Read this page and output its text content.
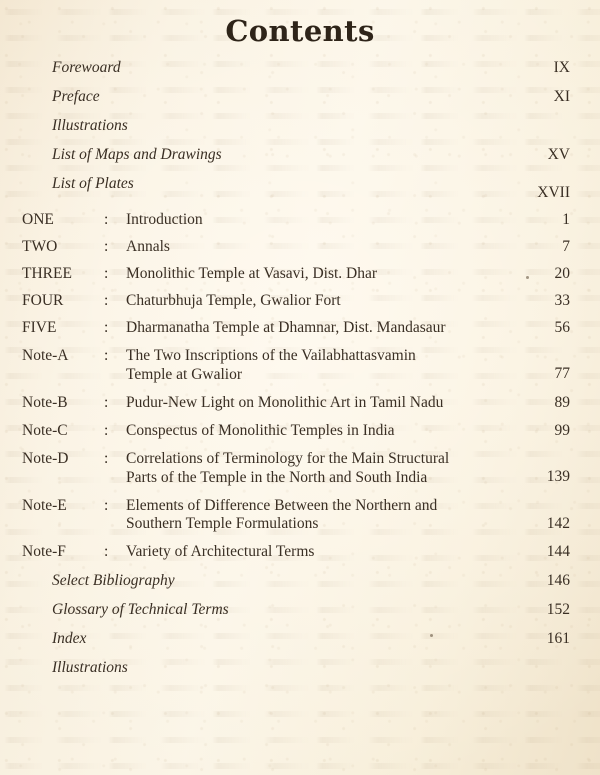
Contents
Forewoard			IX

Preface			XI

Illustrations			

List of Maps and Drawings			XV

List of Plates			XVII
ONE	:	Introduction	1
TWO	:	Annals	7
THREE	:	Monolithic Temple at Vasavi, Dist. Dhar	20
FOUR	:	Chaturbhuja Temple, Gwalior Fort	33
FIVE	:	Dharmanatha Temple at Dhamnar, Dist. Mandasaur	56
Note-A	:	The Two Inscriptions of the Vailabhattasvamin
Temple at Gwalior	77
Note-B	:	Pudur-New Light on Monolithic Art in Tamil Nadu	89
Note-C	:	Conspectus of Monolithic Temples in India	99
Note-D	:	Correlations of Terminology for the Main Structural
Parts of the Temple in the North and South India	139
Note-E	:	Elements of Difference Between the Northern and
Southern Temple Formulations	142
Note-F	:	Variety of Architectural Terms	144

Select Bibliography			146

Glossary of Technical Terms			152

Index			161

Illustrations			
